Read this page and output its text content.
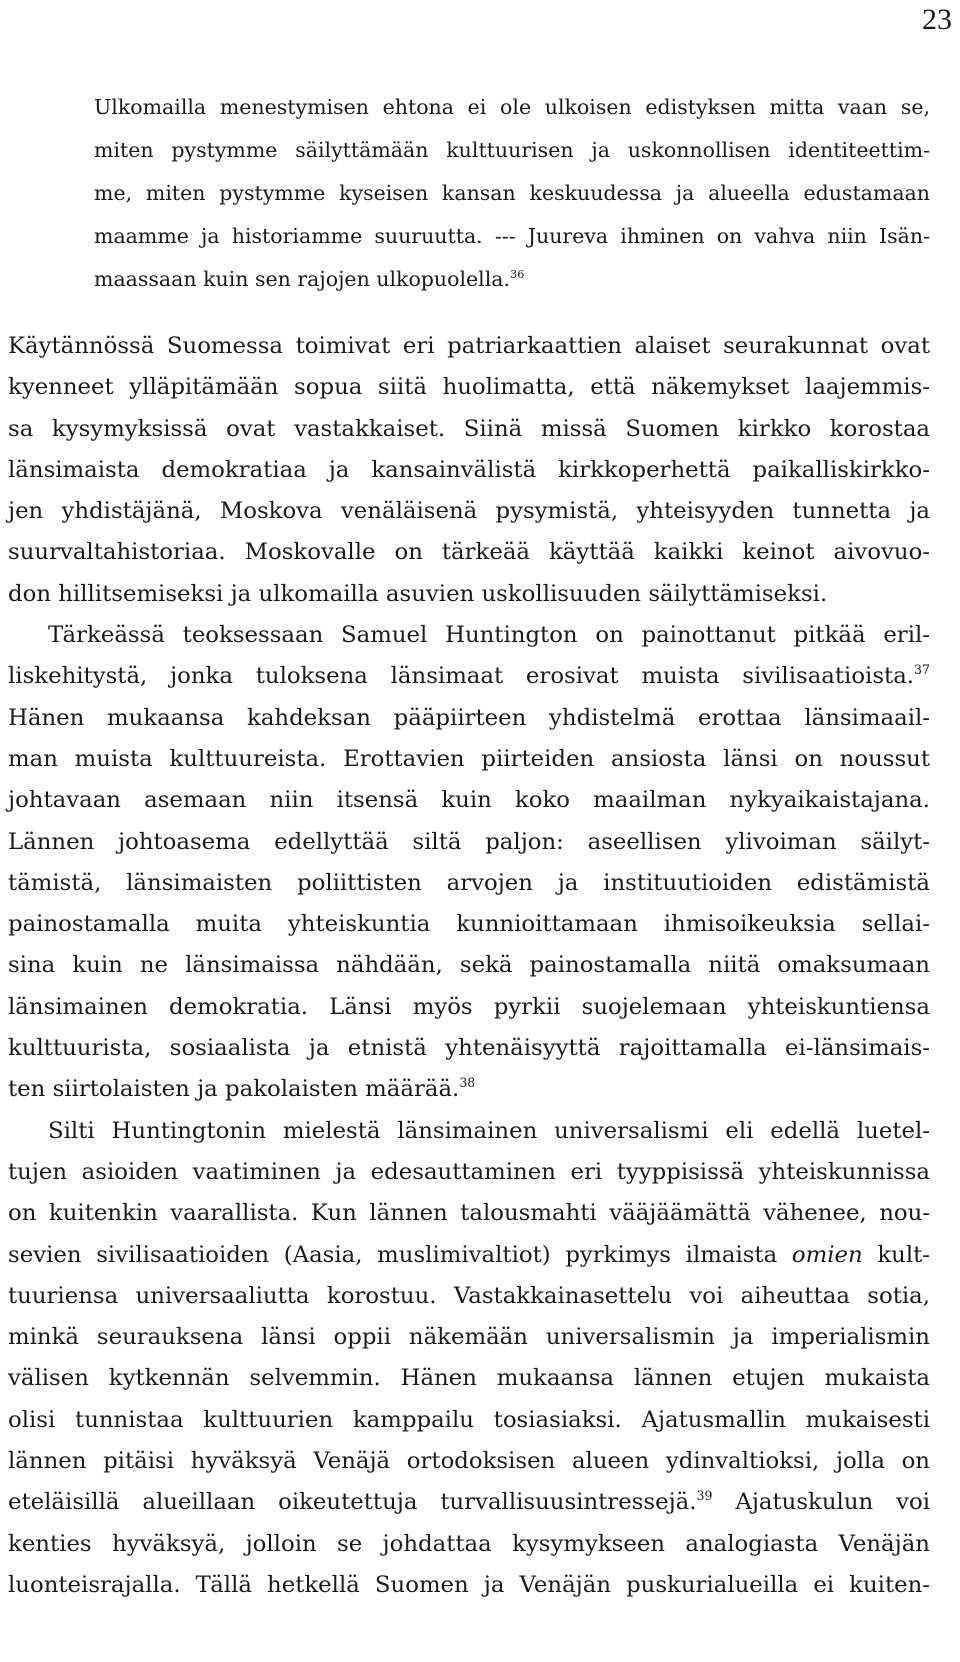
23

Ulkomailla menestymisen ehtona ei ole ulkoisen edistyksen mitta vaan se,
miten pystymme säilyttämään kulttuurisen ja uskonnollisen identiteettim-
me, miten pystymme kyseisen kansan keskuudessa ja alueella edustamaan
maamme ja historiamme suuruutta. --- Juureva ihminen on vahva niin Isän-
maassaan kuin sen rajojen ulkopuolella.$^{36}$

Käytännössä Suomessa toimivat eri patriarkaattien alaiset seurakunnat ovat
kyenneet ylläpitämään sopua siitä huolimatta, että näkemykset laajemmis-
sa kysymyksissä ovat vastakkaiset. Siinä missä Suomen kirkko korostaa
länsimaista demokratiaa ja kansainvälistä kirkkoperhettä paikalliskirkko-
jen yhdistäjänä, Moskova venäläisenä pysymistä, yhteisyyden tunnetta ja
suurvaltahistoriaa. Moskovalle on tärkeää käyttää kaikki keinot aivovuo-
don hillitsemiseksi ja ulkomailla asuvien uskollisuuden säilyttämiseksi.

Tärkeässä teoksessaan Samuel Huntington on painottanut pitkää eril-
liskehitystä, jonka tuloksena länsimaat erosivat muista sivilisaatioista.$^{37}$
Hänen mukaansa kahdeksan pääpiirteen yhdistelmä erottaa länsimaail-
man muista kulttuureista. Erottavien piirteiden ansiosta länsi on noussut
johtavaan asemaan niin itsensä kuin koko maailman nykyaikaistajana.
Lännen johtoasema edellyttää siltä paljon: aseellisen ylivoiman säilyt-
tämistä, länsimaisten poliittisten arvojen ja instituutioiden edistämistä
painostamalla muita yhteiskuntia kunnioittamaan ihmisoikeuksia sellai-
sina kuin ne länsimaissa nähdään, sekä painostamalla niitä omaksumaan
länsimainen demokratia. Länsi myös pyrkii suojelemaan yhteiskuntiensa
kulttuurista, sosiaalista ja etnistä yhtenäisyyttä rajoittamalla ei-länsimais-
ten siirtolaisten ja pakolaisten määrää.$^{38}$

Silti Huntingtonin mielestä länsimainen universalismi eli edellä luetel-
tujen asioiden vaatiminen ja edesauttaminen eri tyyppisissä yhteiskunnissa
on kuitenkin vaarallista. Kun lännen talousmahti vääjäämättä vähenee, nou-
sevien sivilisaatioiden (Aasia, muslimivaltiot) pyrkimys ilmaista omien kult-
tuuriensa universaaliutta korostuu. Vastakkainasettelu voi aiheuttaa sotia,
minkä seurauksena länsi oppii näkemään universalismin ja imperialismin
välisen kytkennän selvemmin. Hänen mukaansa lännen etujen mukaista
olisi tunnistaa kulttuurien kamppailu tosiasiaksi. Ajatusmallin mukaisesti
lännen pitäisi hyväksyä Venäjä ortodoksisen alueen ydinvaltioksi, jolla on
eteläisillä alueillaan oikeutettuja turvallisuusintressejä.$^{39}$ Ajatuskulun voi
kenties hyväksyä, jolloin se johdattaa kysymykseen analogiasta Venäjän
luonteisrajalla. Tällä hetkellä Suomen ja Venäjän puskurialueilla ei kuiten-
